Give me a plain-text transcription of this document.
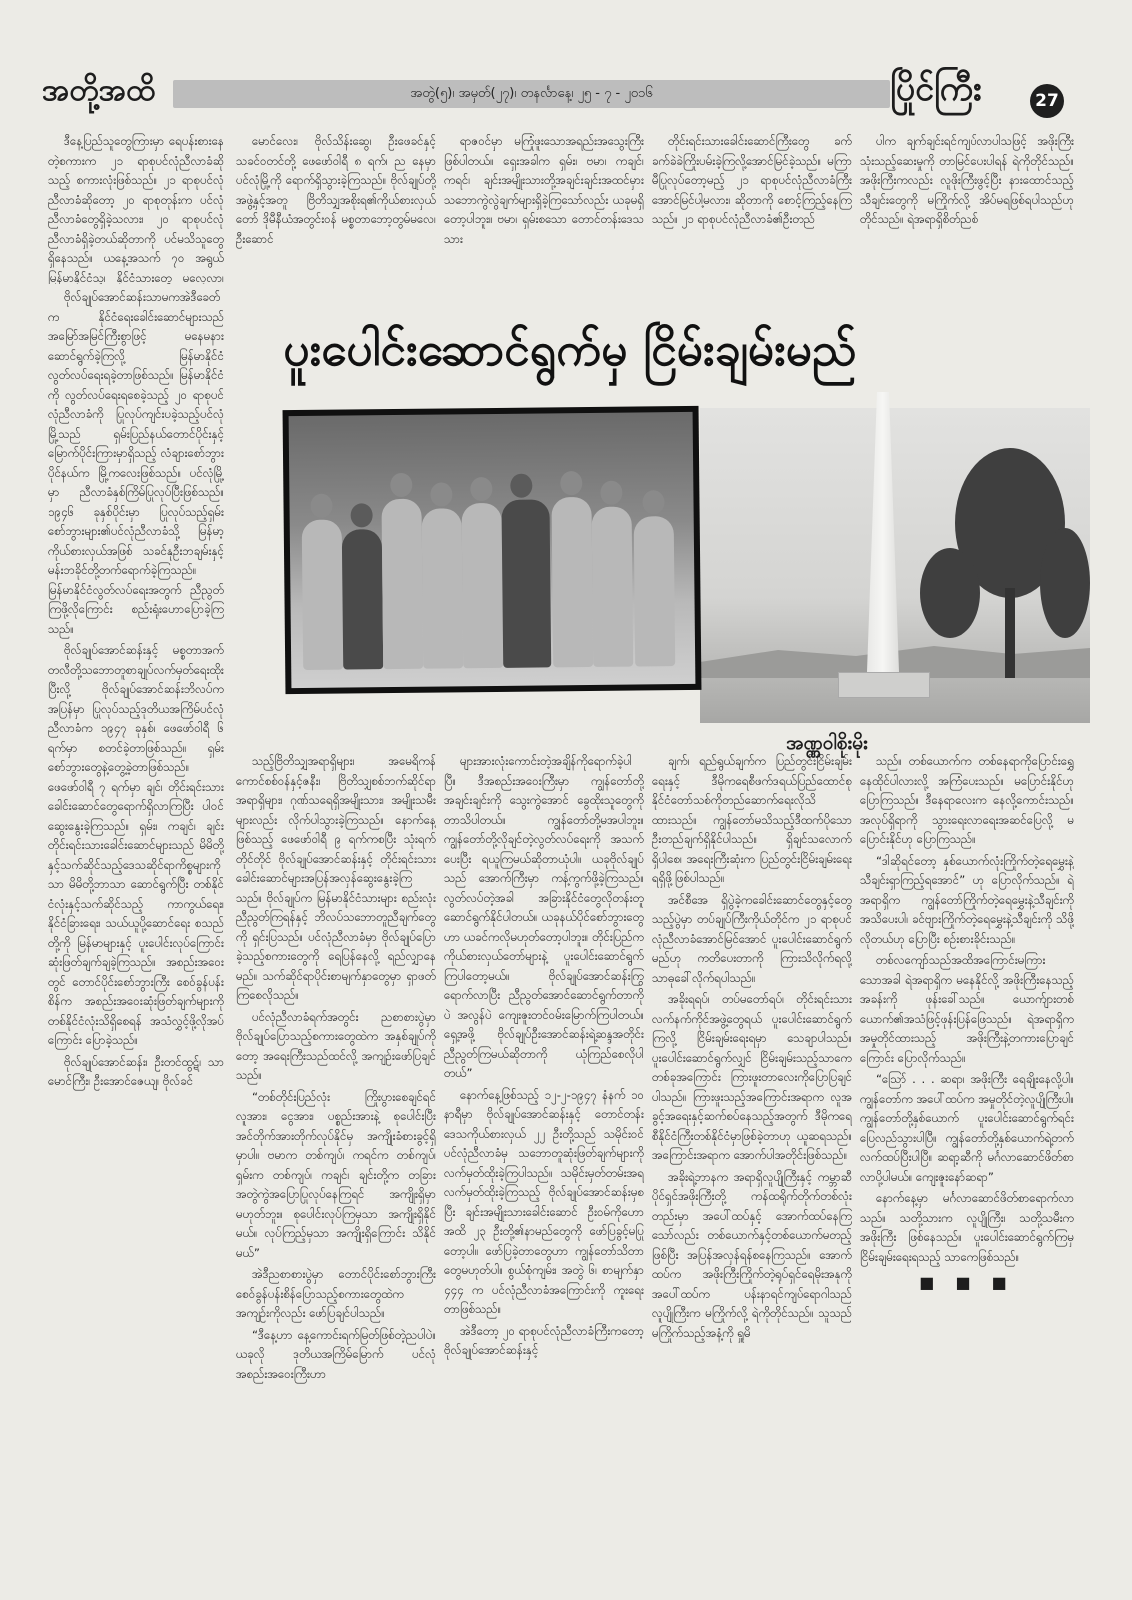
အတို့အထိ	အတွဲ(၅)၊ အမှတ်(၂၇)၊ တနင်္လာနေ့၊ ၂၅ - ၇ - ၂၀၁၆	ပြိုင်ကြီး	27

ဒီနေ့ပြည်သူတွေကြားမှာ ရေပန်းစားနေတဲ့စကားက ၂၁ ရာစုပင်လုံညီလာခံဆိုသည့် စကားလုံးဖြစ်သည်။ ၂၁ ရာစုပင်လုံညီလာခံဆိုတော့ ၂၀ ရာစုတုန်းက ပင်လုံညီလာခံတွေရှိခဲ့သလား၊ ၂၀ ရာစုပင်လုံညီလာခံရှိခဲ့တယ်ဆိုတာကို ပင်မသိသူတွေရှိနေသည်။ ယနေ့အသက် ၇၀ အရွယ် မြန်မာနိုင်ငံသူ၊ နိုင်ငံသားတွေ မလေ့လာ၊

မောင်လေး၊ ဗိုလ်သိန်းဆွေ၊ ဦးဖေခင်နှင့် သခင်ဝတင်တို့ ဖေဖော်ဝါရီ ၈ ရက်၊ ည နေမှာ ပင်လုံမြို့ကို ရောက်ရှိသွားခဲ့ကြသည်။ ဗိုလ်ချုပ်တို့အဖွဲ့နှင့်အတူ ဗြိတိသျှအစိုးရ၏ကိုယ်စားလှယ်တော် ဒိုမီနီယံအတွင်းဝန် မစ္စတာဘော့တွမ်မလေ၊ ဦးဆောင်

ရာဇဝင်မှာ မကြုံဖူးသောအရည်းအသွေးကြီးဖြစ်ပါတယ်။ ရှေးအခါက ရှမ်း၊ ဗမာ၊ ကချင်၊ ကရင်၊ ချင်းအမျိုးသားတို့အချင်းချင်းအထင်မှားသဘောကွဲလွဲချက်များရှိခဲ့ကြသော်လည်း ယခုမရှိတော့ပါဘူး။ ဗမာ၊ ရှမ်းစသော တောင်တန်းဒေသသား

တိုင်းရင်းသားခေါင်းဆောင်ကြီးတွေ ခက်ခက်ခဲခဲကြိုးပမ်းခဲ့ကြလို့အောင်မြင်ခဲ့သည်။ မကြာမီပြုလုပ်တော့မည့် ၂၁ ရာစုပင်လုံညီလာခံကြီးအောင်မြင်ပါ့မလား၊ ဆိုတာကို စောင့်ကြည့်နေကြသည်။ ၂၁ ရာစုပင်လုံညီလာခံ၏ဦးတည်

ပါက ချက်ချင်းရင်ကျပ်လာပါသဖြင့် အဖိုးကြီးသုံးသည့်ဆေးမှုကို တာမြင်ပေးပါရန် ရဲကိုတိုင်သည်။ အဖိုးကြီးကလည်း လူဖိုးကြီးဖွင့်ပြီး နားထောင်သည့် သီချင်းတွေကို မကြိုက်လို့ အိပ်မရဖြစ်ရပါသည်ဟု တိုင်သည်။ ရဲအရာရှိစိတ်ညစ်

ပူးပေါင်းဆောင်ရွက်မှ ငြိမ်းချမ်းမည်

ဗိုလ်ချုပ်အောင်ဆန်းသာမကအဲဒီခေတ်က နိုင်ငံရေးခေါင်းဆောင်များသည် အမြော်အမြင်ကြီးစွာဖြင့် မနေမနားဆောင်ရွက်ခဲ့ကြလို့ မြန်မာနိုင်ငံလွတ်လပ်ရေးရခဲ့တာဖြစ်သည်။ မြန်မာနိုင်ငံကို လွတ်လပ်ရေးရစေခဲ့သည့် ၂၀ ရာစုပင်လုံညီလာခံကို ပြုလုပ်ကျင်းပခဲ့သည့်ပင်လုံမြို့သည် ရှမ်းပြည်နယ်တောင်ပိုင်းနှင့် မြောက်ပိုင်းကြားမှာရှိသည့် လံချားစော်ဘွားပိုင်နယ်က မြို့ကလေးဖြစ်သည်။ ပင်လုံမြို့မှာ ညီလာခံနှစ်ကြိမ်ပြုလုပ်ပြီးဖြစ်သည်။ ၁၉၄၆ ခုနှစ်ပိုင်းမှာ ပြုလုပ်သည့်ရှမ်းစော်ဘွားများ၏ပင်လုံညီလာခံသို့ မြန်မာ့ကိုယ်စားလှယ်အဖြစ် သခင်နုဦးဘချမ်းနှင့် မန်းဘခိုင်တို့တက်ရောက်ခဲ့ကြသည်။ မြန်မာနိုင်ငံလွတ်လပ်ရေးအတွက် ညီညွတ်ကြဖို့လိုကြောင်း စည်းရုံးဟောပြောခဲ့ကြသည်။

ဗိုလ်ချုပ်အောင်ဆန်းနှင့် မစ္စတာအက်တလီတို့သဘောတူစာချုပ်လက်မှတ်ရေးထိုးပြီးလို့ ဗိုလ်ချုပ်အောင်ဆန်းဘိလပ်က အပြန်မှာ ပြုလုပ်သည့်ဒုတိယအကြိမ်ပင်လုံညီလာခံက ၁၉၄၇ ခုနှစ်၊ ဖေဖော်ဝါရီ ၆ ရက်မှာ စတင်ခဲ့တာဖြစ်သည်။ ရှမ်းစော်ဘွားတွေနဲ့တွေ့ခဲ့တာဖြစ်သည်။ ဖေဖော်ဝါရီ ၇ ရက်မှာ ချင်၊ တိုင်းရင်းသားခေါင်းဆောင်တွေရောက်ရှိလာကြပြီး ပါဝင်ဆွေးနွေးခဲ့ကြသည်။ ရှမ်း၊ ကချင်၊ ချင်းတိုင်းရင်းသားခေါင်းဆောင်များသည် မိမိတို့နှင့်သက်ဆိုင်သည့်ဒေသဆိုင်ရာကိစ္စများကိုသာ မိမိတို့ဘာသာ ဆောင်ရွက်ပြီး တစ်နိုင်ငံလုံးနှင့်သက်ဆိုင်သည့် ကာကွယ်ရေး၊ နိုင်ငံခြားရေး၊ သယ်ယူပို့ဆောင်ရေး စသည်တို့ကို မြန်မာများနှင့် ပူးပေါင်းလုပ်ကြောင်း ဆုံးဖြတ်ချက်ချခဲ့ကြသည်။ အစည်းအဝေးတွင် တောင်ပိုင်းစော်ဘွားကြီး စေဝ်ခွန်ပန်းစိန်က အစည်းအဝေးဆုံးဖြတ်ချက်များကို တစ်နိုင်ငံလုံးသိရှိစေရန် အသံလွှင့်ဖို့လိုအပ်ကြောင်း ပြောခဲ့သည်။

ဗိုလ်ချုပ်အောင်ဆန်း၊ ဦးတင်ထွဋ်၊ သာမောင်ကြီး၊ ဦးအောင်ဇေယျ၊ ဗိုလ်ခင်

အဏ္ဏဝါစိုးမိုး

သည့်ဗြိတိသျှအရာရှိများ၊ အမေရိကန်ကောင်စစ်ဝန်နှင့်ဇနီး၊ ဗြိတိသျှစစ်ဘက်ဆိုင်ရာအရာရှိများ၊ ဂုဏ်သရေရှိအမျိုးသား၊ အမျိုးသမီးများလည်း လိုက်ပါသွားခဲ့ကြသည်။ နောက်နေ့ဖြစ်သည့် ဖေဖော်ဝါရီ ၉ ရက်ကစပြီး သုံးရက်တိုင်တိုင် ဗိုလ်ချုပ်အောင်ဆန်းနှင့် တိုင်းရင်းသားခေါင်းဆောင်များအပြန်အလှန်ဆွေးနွေးခဲ့ကြသည်။ ဗိုလ်ချုပ်က မြန်မာနိုင်ငံသားများ စည်းလုံးညီညွတ်ကြရန်နှင့် ဘိလပ်သဘောတူညီချက်တွေကို ရှင်းပြသည်။ ပင်လုံညီလာခံမှာ ဗိုလ်ချုပ်ပြောခဲ့သည့်စကားတွေကို ရေပြန်နေလို့ ရည်လျှာနေမည်။ သက်ဆိုင်ရာပိုင်းစာမျက်နှာတွေမှာ ရှာဖတ်ကြစေလိုသည်။

ပင်လုံညီလာခံရက်အတွင်း ညစာစားပွဲမှာ ဗိုလ်ချုပ်ပြောသည့်စကားတွေထဲက အနှစ်ချုပ်ကိုတော့ အရေးကြီးသည်ထင်လို့ အကျဉ်းဖော်ပြချင်သည်။

“တစ်တိုင်းပြည်လုံး ကြိုးပွားစေချင်ရင် လူအား၊ ငွေအား၊ ပစ္စည်းအားနဲ့ စုပေါင်းပြီး အင်တိုက်အားတိုက်လုပ်နိုင်မှ အကျိုးခံစားခွင့်ရှိမှာပါ။ ဗမာက တစ်ကျပ်၊ ကရင်က တစ်ကျပ်၊ ရှမ်းက တစ်ကျပ်၊ ကချင်၊ ချင်းတို့က တခြား အတွဲကွဲအပြောပြုလုပ်နေကြရင် အကျိုးရှိမှာမဟုတ်ဘူး။ စုပေါင်းလုပ်ကြမှသာ အကျိုးရှိနိုင်မယ်။ လုပ်ကြည့်မှသာ အကျိုးရှိကြောင်း သိနိုင်မယ်”

အဲဒီညစာစားပွဲမှာ တောင်ပိုင်းစော်ဘွားကြီး စေဝ်ခွန်ပန်းစိန်ပြောသည့်စကားတွေထဲက အကျဉ်းကိုလည်း ဖော်ပြချင်ပါသည်။

“ဒီနေ့ဟာ နေ့ကောင်းရက်မြတ်ဖြစ်တဲ့ညပါပဲ။ ယခုလို ဒုတိယအကြိမ်မြောက် ပင်လုံအစည်းအဝေးကြီးဟာ

များအားလုံးကောင်းတဲ့အချိန်ကိုရောက်ခဲ့ပါပြီ။ ဒီအစည်းအဝေးကြီးမှာ ကျွန်တော်တို့အချင်းချင်းကို သွေးကွဲအောင် ခွေထိုးသူတွေကိုတာသိပါတယ်။ ကျွန်တော်တို့မအပါဘူး။ ကျွန်တော်တို့လိုချင်တဲ့လွတ်လပ်ရေးကို အသက်ပေးပြီး ရယူကြမယ်ဆိုတာယုံပါ။ ယခုဗိုလ်ချုပ်သည် အောက်ကြီးမှာ ကန့်ကွက်ဖို့ခဲ့ကြသည်။ လွတ်လပ်တဲ့အခါ အခြားနိုင်ငံတွေလိုတန်းတူဆောင်ရွက်နိုင်ပါတယ်။ ယခုနယ်ပိုင်စော်ဘွားတွေဟာ ယခင်ကလိုမဟုတ်တော့ပါဘူး။ တိုင်းပြည်က ကိုယ်စားလှယ်တော်များနဲ့ ပူးပေါင်းဆောင်ရွက်ကြပါတော့မယ်။ ဗိုလ်ချုပ်အောင်ဆန်းကြွရောက်လာပြီး ညီညွတ်အောင်ဆောင်ရွက်တာကိုပဲ အလွန်ပဲ ကျေးဇူးတင်ဝမ်းမြောက်ကြပါတယ်။ ရှေ့အဖို့ ဗိုလ်ချုပ်ဦးအောင်ဆန်းရဲ့ဆန္ဒအတိုင်း ညီညွတ်ကြမယ်ဆိုတာကို ယုံကြည်စေလိုပါတယ်”

နောက်နေ့ဖြစ်သည့် ၁၂-၂-၁၉၄၇ နံနက် ၁၀ နာရီမှာ ဗိုလ်ချုပ်အောင်ဆန်းနှင့် တောင်တန်းဒေသကိုယ်စားလှယ် ၂၂ ဦးတို့သည် သမိုင်းဝင်ပင်လုံညီလာခံမှ သဘောတူဆုံးဖြတ်ချက်များကို လက်မှတ်ထိုးခဲ့ကြပါသည်။ သမိုင်းမှတ်တမ်းအရ လက်မှတ်ထိုးခဲ့ကြသည့် ဗိုလ်ချုပ်အောင်ဆန်းမှစပြီး ချင်းအမျိုးသားခေါင်းဆောင် ဦးဝမ်ကိုဟောအထိ ၂၃ ဦးတို့၏နာမည်တွေကို ဖော်ပြခွင့်မပြုတော့ပါ။ ဖော်ပြခဲ့တာတွေဟာ ကျွန်တော်သိတာတွေမဟုတ်ပါ။ စွယ်စုံကျမ်း၊ အတွဲ ၆၊ စာမျက်နှာ ၄၄၄ က ပင်လုံညီလာခံအကြောင်းကို ကူးရေးတာဖြစ်သည်။

အဲဒီတော့ ၂၀ ရာစုပင်လုံညီလာခံကြီးကတော့ ဗိုလ်ချုပ်အောင်ဆန်းနှင့်

ချက်၊ ရည်ရွယ်ချက်က ပြည်တွင်းငြိမ်းချမ်းရေးနှင့် ဒီမိုကရေစီဖက်ဒရယ်ပြည်ထောင်စုနိုင်ငံတော်သစ်ကိုတည်ဆောက်ရေးလိုသိထားသည်။ ကျွန်တော်မသိသည့်ဒီထက်ပိုသော ဦးတည်ချက်ရှိနိုင်ပါသည်။ ရှိချင်သလောက် ရှိပါစေ၊ အရေးကြီးဆုံးက ပြည်တွင်းငြိမ်းချမ်းရေးရရှိဖို့ဖြစ်ပါသည်။

အင်စီအေ ရှိပွဲခဲ့ကခေါင်းဆောင်တွေနှင့်တွေ့သည့်ပွဲမှာ တပ်ချုပ်ကြီးကိုယ်တိုင်က ၂၁ ရာစုပင်လုံညီလာခံအောင်မြင်အောင် ပူးပေါင်းဆောင်ရွက်မည်ဟု ကတိပေးတာကို ကြားသိလိုက်ရလို့ သာဓုခေါ်လိုက်ရပါသည်။

အခိုးရရပ်၊ တပ်မတော်ရပ်၊ တိုင်းရင်းသားလက်နက်ကိုင်အဖွဲ့တွေရယ် ပူးပေါင်းဆောင်ရွက်ကြလို့ ငြိမ်းချမ်းရေးရမှာ သေချာပါသည်။ ပူးပေါင်းဆောင်ရွက်လျှင် ငြိမ်းချမ်းသည့်သာကေတစ်ခုအကြောင်း ကြားဖူးတာလေးကိုပြောပြချင်ပါသည်။ ကြားဖူးသည့်အကြောင်းအရာက လူအခွင့်အရေးနှင့်ဆက်စပ်နေသည့်အတွက် ဒီမိုကရေစီနိုင်ငံကြီးတစ်နိုင်ငံမှာဖြစ်ခဲ့တာဟု ယူဆရသည်။ အကြောင်းအရာက အောက်ပါအတိုင်းဖြစ်သည်။

အခိုးရဲ့ဘာနက အရာရှိလူပျိုကြီးနှင့် ကမ္ဘာဆီပိုင်ရှင်အဖိုးကြီးတို့ ကန်ထရိုက်တိုက်တစ်လုံးတည်းမှာ အပေါ်ထပ်နှင့် အောက်ထပ်နေကြသော်လည်း တစ်ယောက်နှင့်တစ်ယောက်မတည့်ဖြစ်ပြီး အပြန်အလှန်ရန်စနေကြသည်။ အောက်ထပ်က အဖိုးကြီးကြိုက်တဲ့ရုပ်ရှင်ရေမိုးအနုကို အပေါ်ထပ်က ပန်းနာရင်ကျပ်ရောဂါသည်လူပျိုကြီးက မကြိုက်လို့ ရဲကိုတိုင်သည်။ သူသည် မကြိုက်သည့်အနံ့ကို ရှူမိ

သည်။ တစ်ယောက်က တစ်နေရာကိုပြောင်းရွှေ့နေထိုင်ပါလားလို့ အကြံပေးသည်။ မပြောင်းနိုင်ဟု ပြောကြသည်။ ဒီနေရာလေးက နေလို့ကောင်းသည်။ အလုပ်ရှိရာကို သွားရေးလာရေးအဆင်ပြေလို့ မပြောင်းနိုင်ဟု ပြောကြသည်။

“ဒါဆိုရင်တော့ နှစ်ယောက်လုံးကြိုက်တဲ့ရေမွှေးနဲ့ သီချင်းရှာကြည့်ရအောင်” ဟု ပြောလိုက်သည်။ ရဲအရာရှိက ကျွန်တော်ကြိုက်တဲ့ရေမွှေးနဲ့သီချင်းကို အသိပေးပါ၊ ခင်ဗျားကြိုက်တဲ့ရေမွှေးနဲ့သီချင်းကို သိဖို့လိုတယ်ဟု ပြောပြီး စဉ်းစားခိုင်းသည်။

တစ်လကျော်သည်အထိအကြောင်းမကြားသောအခါ ရဲအရာရှိက မနေနိုင်လို့ အဖိုးကြီးနေသည့်အခန်းကို ဖုန်းခေါ်သည်။ ယောက်ျားတစ်ယောက်၏အသံဖြင့်ဖုန်းပြန်ဖြေသည်။ ရဲအရာရှိက အမှုတိုင်ထားသည့် အဖိုးကြီးနဲ့တကားပြောချင်ကြောင်း ပြောလိုက်သည်။

“ဪ . . . ဆရာ၊ အဖိုးကြီး ရေချိုးနေလို့ပါ။ ကျွန်တော်က အပေါ်ထပ်က အမှုတိုင်တဲ့လူပျိုကြီးပါ။ ကျွန်တော်တို့နှစ်ယောက် ပူးပေါင်းဆောင်ရွက်ရင်း ပြေလည်သွားပါပြီ။ ကျွန်တော်တို့နှစ်ယောက်ရဲ့တက်လက်ထပ်ပြီးပါပြီ။ ဆရာ့ဆီကို မင်္ဂလာဆောင်ဖိတ်စာလာပို့ပါမယ်။ ကျေးဇူးနော်ဆရာ”

နောက်နေ့မှာ မင်္ဂလာဆောင်ဖိတ်စာရောက်လာသည်။ သတို့သားက လူပျိုကြီး၊ သတို့သမီးက အဖိုးကြီး ဖြစ်နေသည်။ ပူးပေါင်းဆောင်ရွက်ကြမှ ငြိမ်းချမ်းရေးရသည့် သာကေဖြစ်သည်။

■ ■ ■
